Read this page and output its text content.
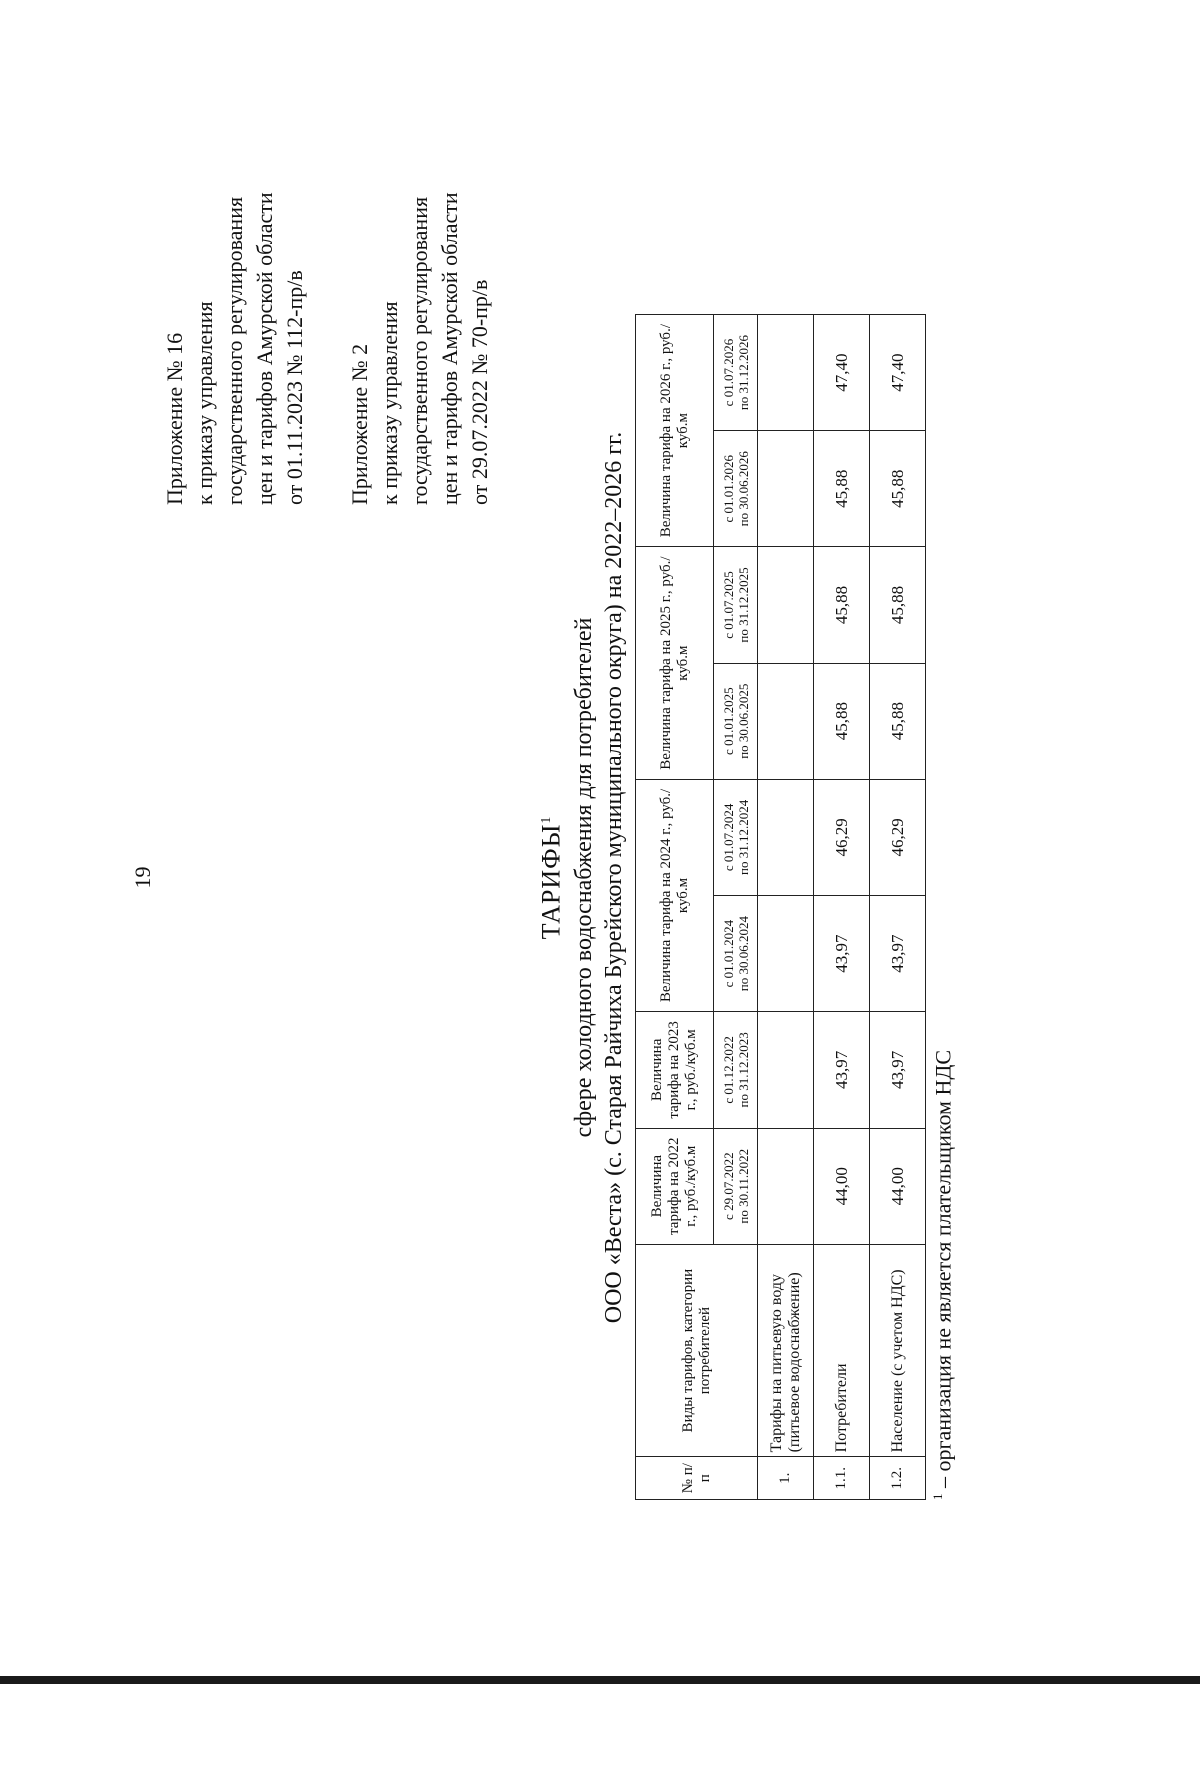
19
Приложение № 16 к приказу управления государственного регулирования цен и тарифов Амурской области от 01.11.2023 № 112-пр/в Приложение № 2 к приказу управления государственного регулирования цен и тарифов Амурской области от 29.07.2022 № 70-пр/в
ТАРИФЫ$^1$ сфере холодного водоснабжения для потребителей ООО «Веста» (с. Старая Райчиха Бурейского муниципального округа) на 2022–2026 гг.
№ п/п	Виды тарифов, категории потребителей	Величина тарифа на 2022 г., руб./куб.м	Величина тарифа на 2023 г., руб./куб.м	Величина тарифа на 2024 г., руб./куб.м		Величина тарифа на 2025 г., руб./куб.м		Величина тарифа на 2026 г., руб./куб.м	

		с 29.07.2022 по 30.11.2022	с 01.12.2022 по 31.12.2023	с 01.01.2024 по 30.06.2024	с 01.07.2024 по 31.12.2024	с 01.01.2025 по 30.06.2025	с 01.07.2025 по 31.12.2025	с 01.01.2026 по 30.06.2026	с 01.07.2026 по 31.12.2026

1.	Тарифы на питьевую воду (питьевое водоснабжение)								
1.1.	Потребители	44,00	43,97	43,97	46,29	45,88	45,88	45,88	47,40
1.2.	Население (с учетом НДС)	44,00	43,97	43,97	46,29	45,88	45,88	45,88	47,40
$^1$ – организация не является плательщиком НДС
